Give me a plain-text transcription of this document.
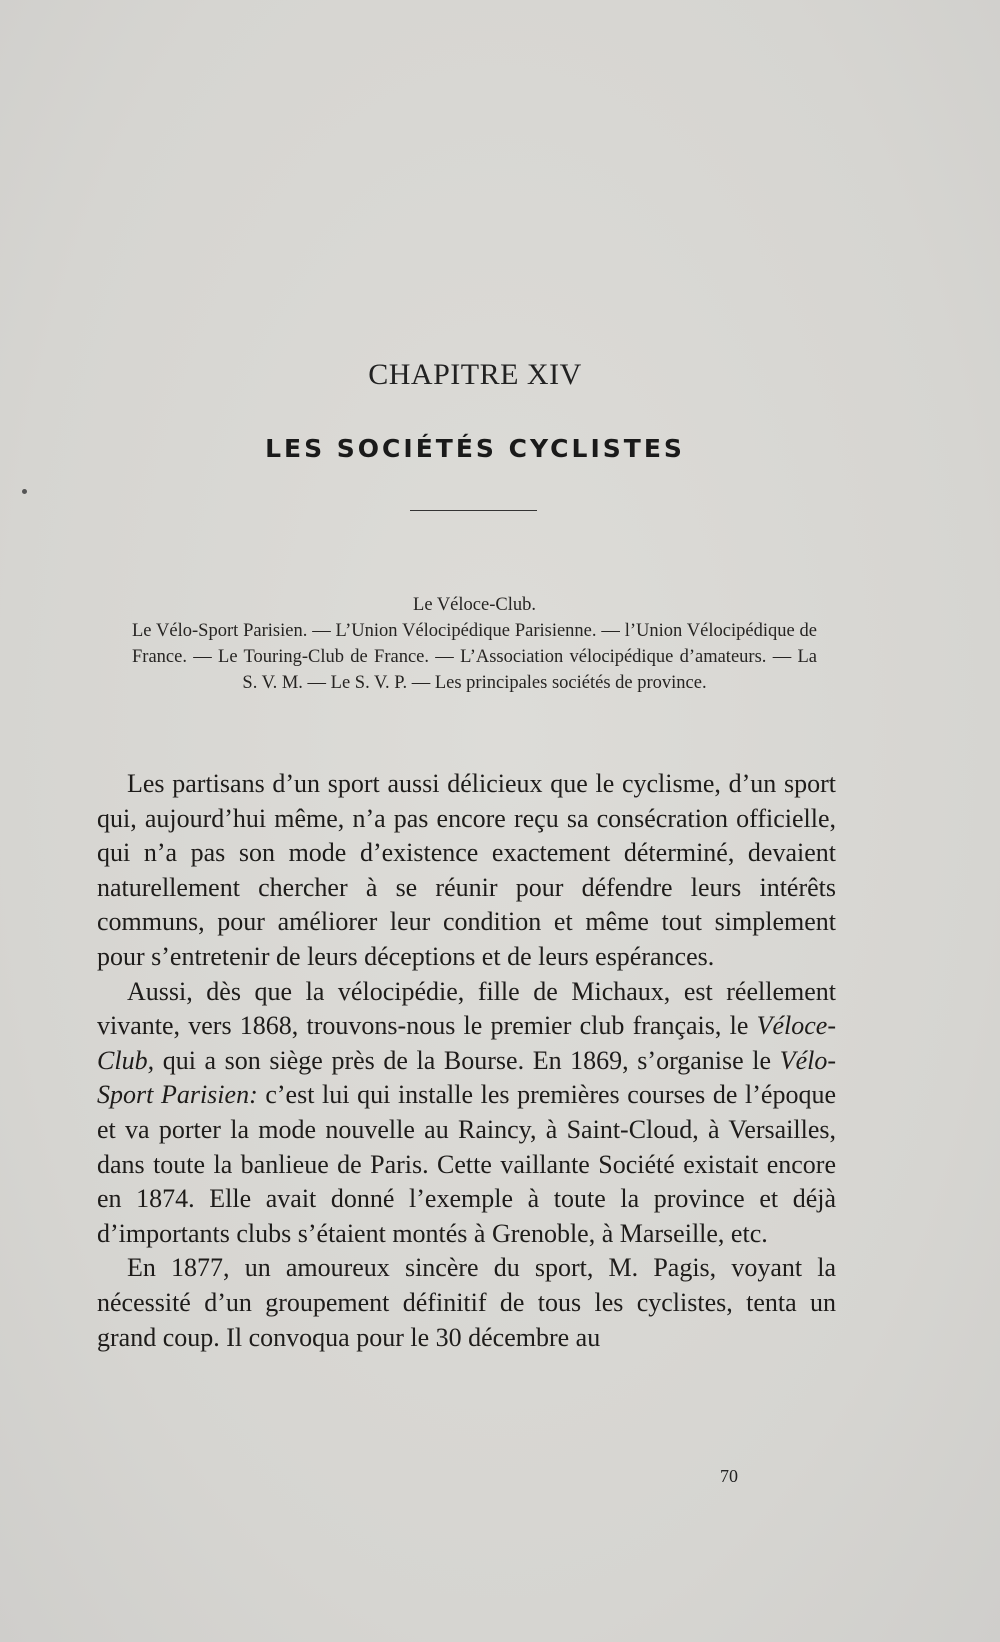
CHAPITRE XIV
LES SOCIÉTÉS CYCLISTES
Le Véloce-Club.
Le Vélo-Sport Parisien. — L’Union Vélocipédique Parisienne. — l’Union Vélocipédique de France. — Le Touring-Club de France. — L’Association vélocipédique d’amateurs. — La S. V. M. — Le S. V. P. — Les principales sociétés de province.

Les partisans d’un sport aussi délicieux que le cyclisme, d’un sport qui, aujourd’hui même, n’a pas encore reçu sa consécration officielle, qui n’a pas son mode d’existence exactement déterminé, devaient naturellement chercher à se réunir pour défendre leurs intérêts communs, pour améliorer leur condition et même tout simplement pour s’entretenir de leurs déceptions et de leurs espérances.

Aussi, dès que la vélocipédie, fille de Michaux, est réellement vivante, vers 1868, trouvons-nous le premier club français, le Véloce-Club, qui a son siège près de la Bourse. En 1869, s’organise le Vélo-Sport Parisien: c’est lui qui installe les premières courses de l’époque et va porter la mode nouvelle au Raincy, à Saint-Cloud, à Versailles, dans toute la banlieue de Paris. Cette vaillante Société existait encore en 1874. Elle avait donné l’exemple à toute la province et déjà d’importants clubs s’étaient montés à Grenoble, à Marseille, etc.

En 1877, un amoureux sincère du sport, M. Pagis, voyant la nécessité d’un groupement définitif de tous les cyclistes, tenta un grand coup. Il convoqua pour le 30 décembre au

70
